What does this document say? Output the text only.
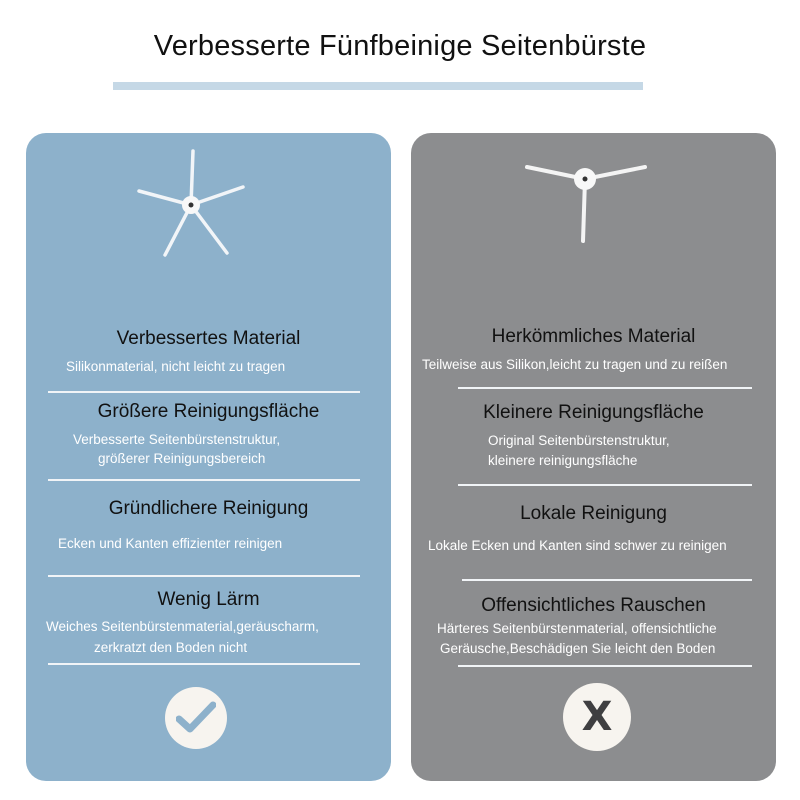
Verbesserte Fünfbeinige Seitenbürste
Verbessertes Material
Silikonmaterial, nicht leicht zu tragen
Größere Reinigungsfläche
Verbesserte Seitenbürstenstruktur,
größerer Reinigungsbereich
Gründlichere Reinigung
Ecken und Kanten effizienter reinigen
Wenig Lärm
Weiches Seitenbürstenmaterial,geräuscharm,
zerkratzt den Boden nicht
Herkömmliches Material
Teilweise aus Silikon,leicht zu tragen und zu reißen
Kleinere Reinigungsfläche
Original Seitenbürstenstruktur,
kleinere reinigungsfläche
Lokale Reinigung
Lokale Ecken und Kanten sind schwer zu reinigen
Offensichtliches Rauschen
Härteres Seitenbürstenmaterial, offensichtliche
Geräusche,Beschädigen Sie leicht den Boden
X
